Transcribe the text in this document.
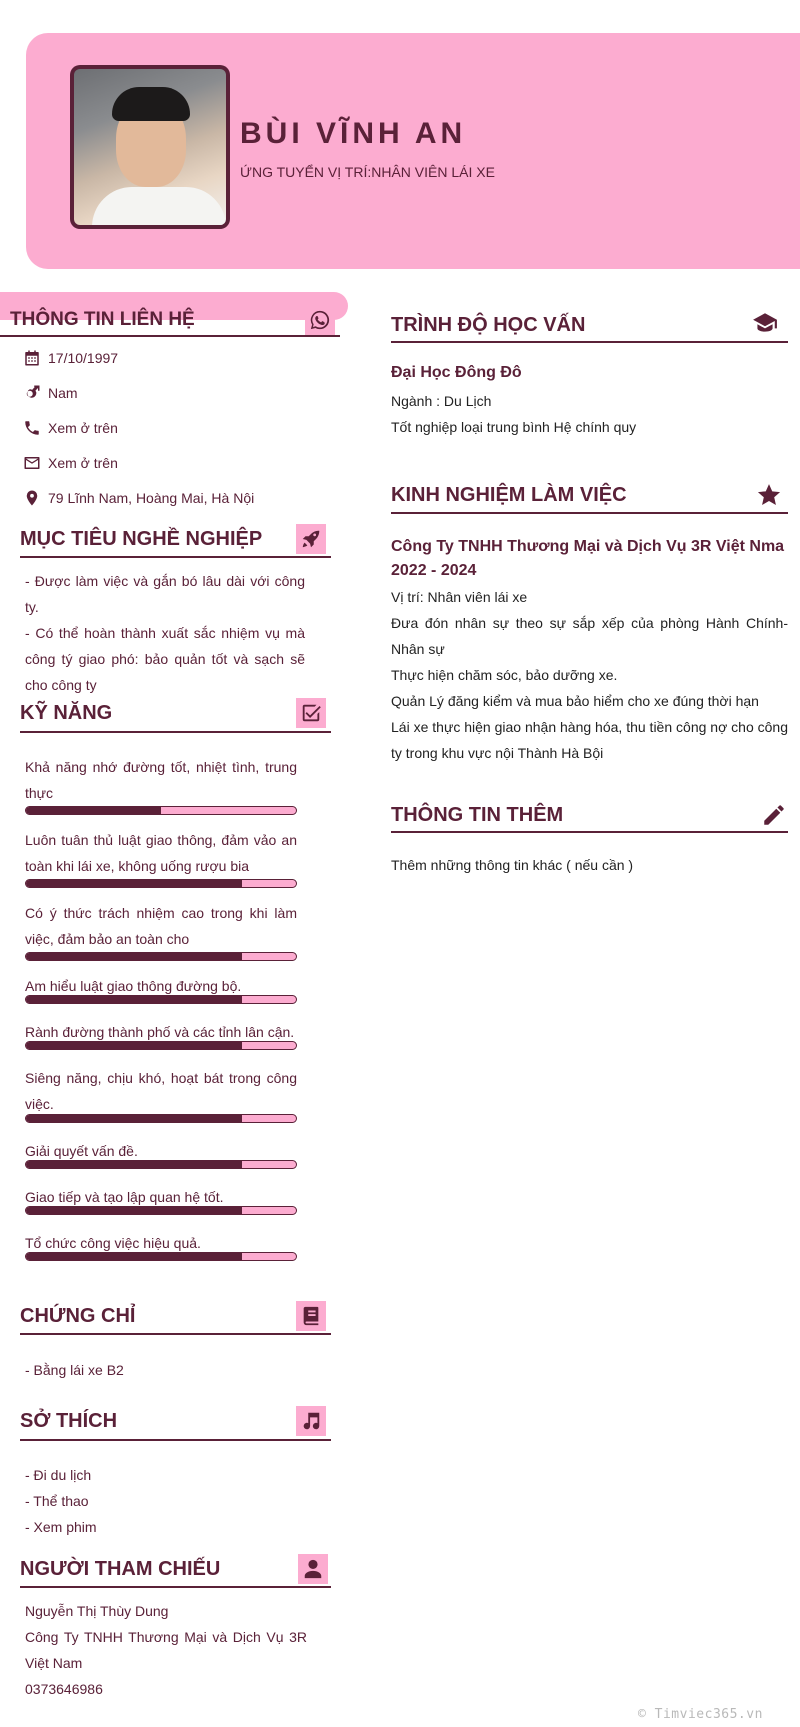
BÙI VĨNH AN
ỨNG TUYỂN VỊ TRÍ:NHÂN VIÊN LÁI XE
THÔNG TIN LIÊN HỆ
17/10/1997
Nam
Xem ở trên
Xem ở trên
79 Lĩnh Nam, Hoàng Mai, Hà Nội
MỤC TIÊU NGHỀ NGHIỆP
- Được làm việc và gắn bó lâu dài với công ty.
- Có thể hoàn thành xuất sắc nhiệm vụ mà công tý giao phó: bảo quản tốt và sạch sẽ cho công ty
KỸ NĂNG
Khả năng nhớ đường tốt, nhiệt tình, trung thực
Luôn tuân thủ luật giao thông, đảm vảo an toàn khi lái xe, không uống rượu bia
Có ý thức trách nhiệm cao trong khi làm việc, đảm bảo an toàn cho
Am hiểu luật giao thông đường bộ.
Rành đường thành phố và các tỉnh lân cận.
Siêng năng, chịu khó, hoạt bát trong công việc.
Giải quyết vấn đề.
Giao tiếp và tạo lập quan hệ tốt.
Tổ chức công việc hiệu quả.
CHỨNG CHỈ
- Bằng lái xe B2
SỞ THÍCH
- Đi du lịch
- Thể thao
- Xem phim
NGƯỜI THAM CHIẾU
Nguyễn Thị Thùy Dung
Công Ty TNHH Thương Mại và Dịch Vụ 3R Việt Nam
0373646986
TRÌNH ĐỘ HỌC VẤN
Đại Học Đông Đô
Ngành : Du Lịch
Tốt nghiệp loại trung bình Hệ chính quy
KINH NGHIỆM LÀM VIỆC
Công Ty TNHH Thương Mại và Dịch Vụ 3R Việt Nma 2022 - 2024
Vị trí: Nhân viên lái xe
Đưa đón nhân sự theo sự sắp xếp của phòng Hành Chính- Nhân sự
Thực hiện chăm sóc, bảo dưỡng xe.
Quản Lý đăng kiểm và mua bảo hiểm cho xe đúng thời hạn
Lái xe thực hiện giao nhận hàng hóa, thu tiền công nợ cho công ty trong khu vực nội Thành Hà Bội
THÔNG TIN THÊM
Thêm những thông tin khác ( nếu cần )
© Timviec365.vn
